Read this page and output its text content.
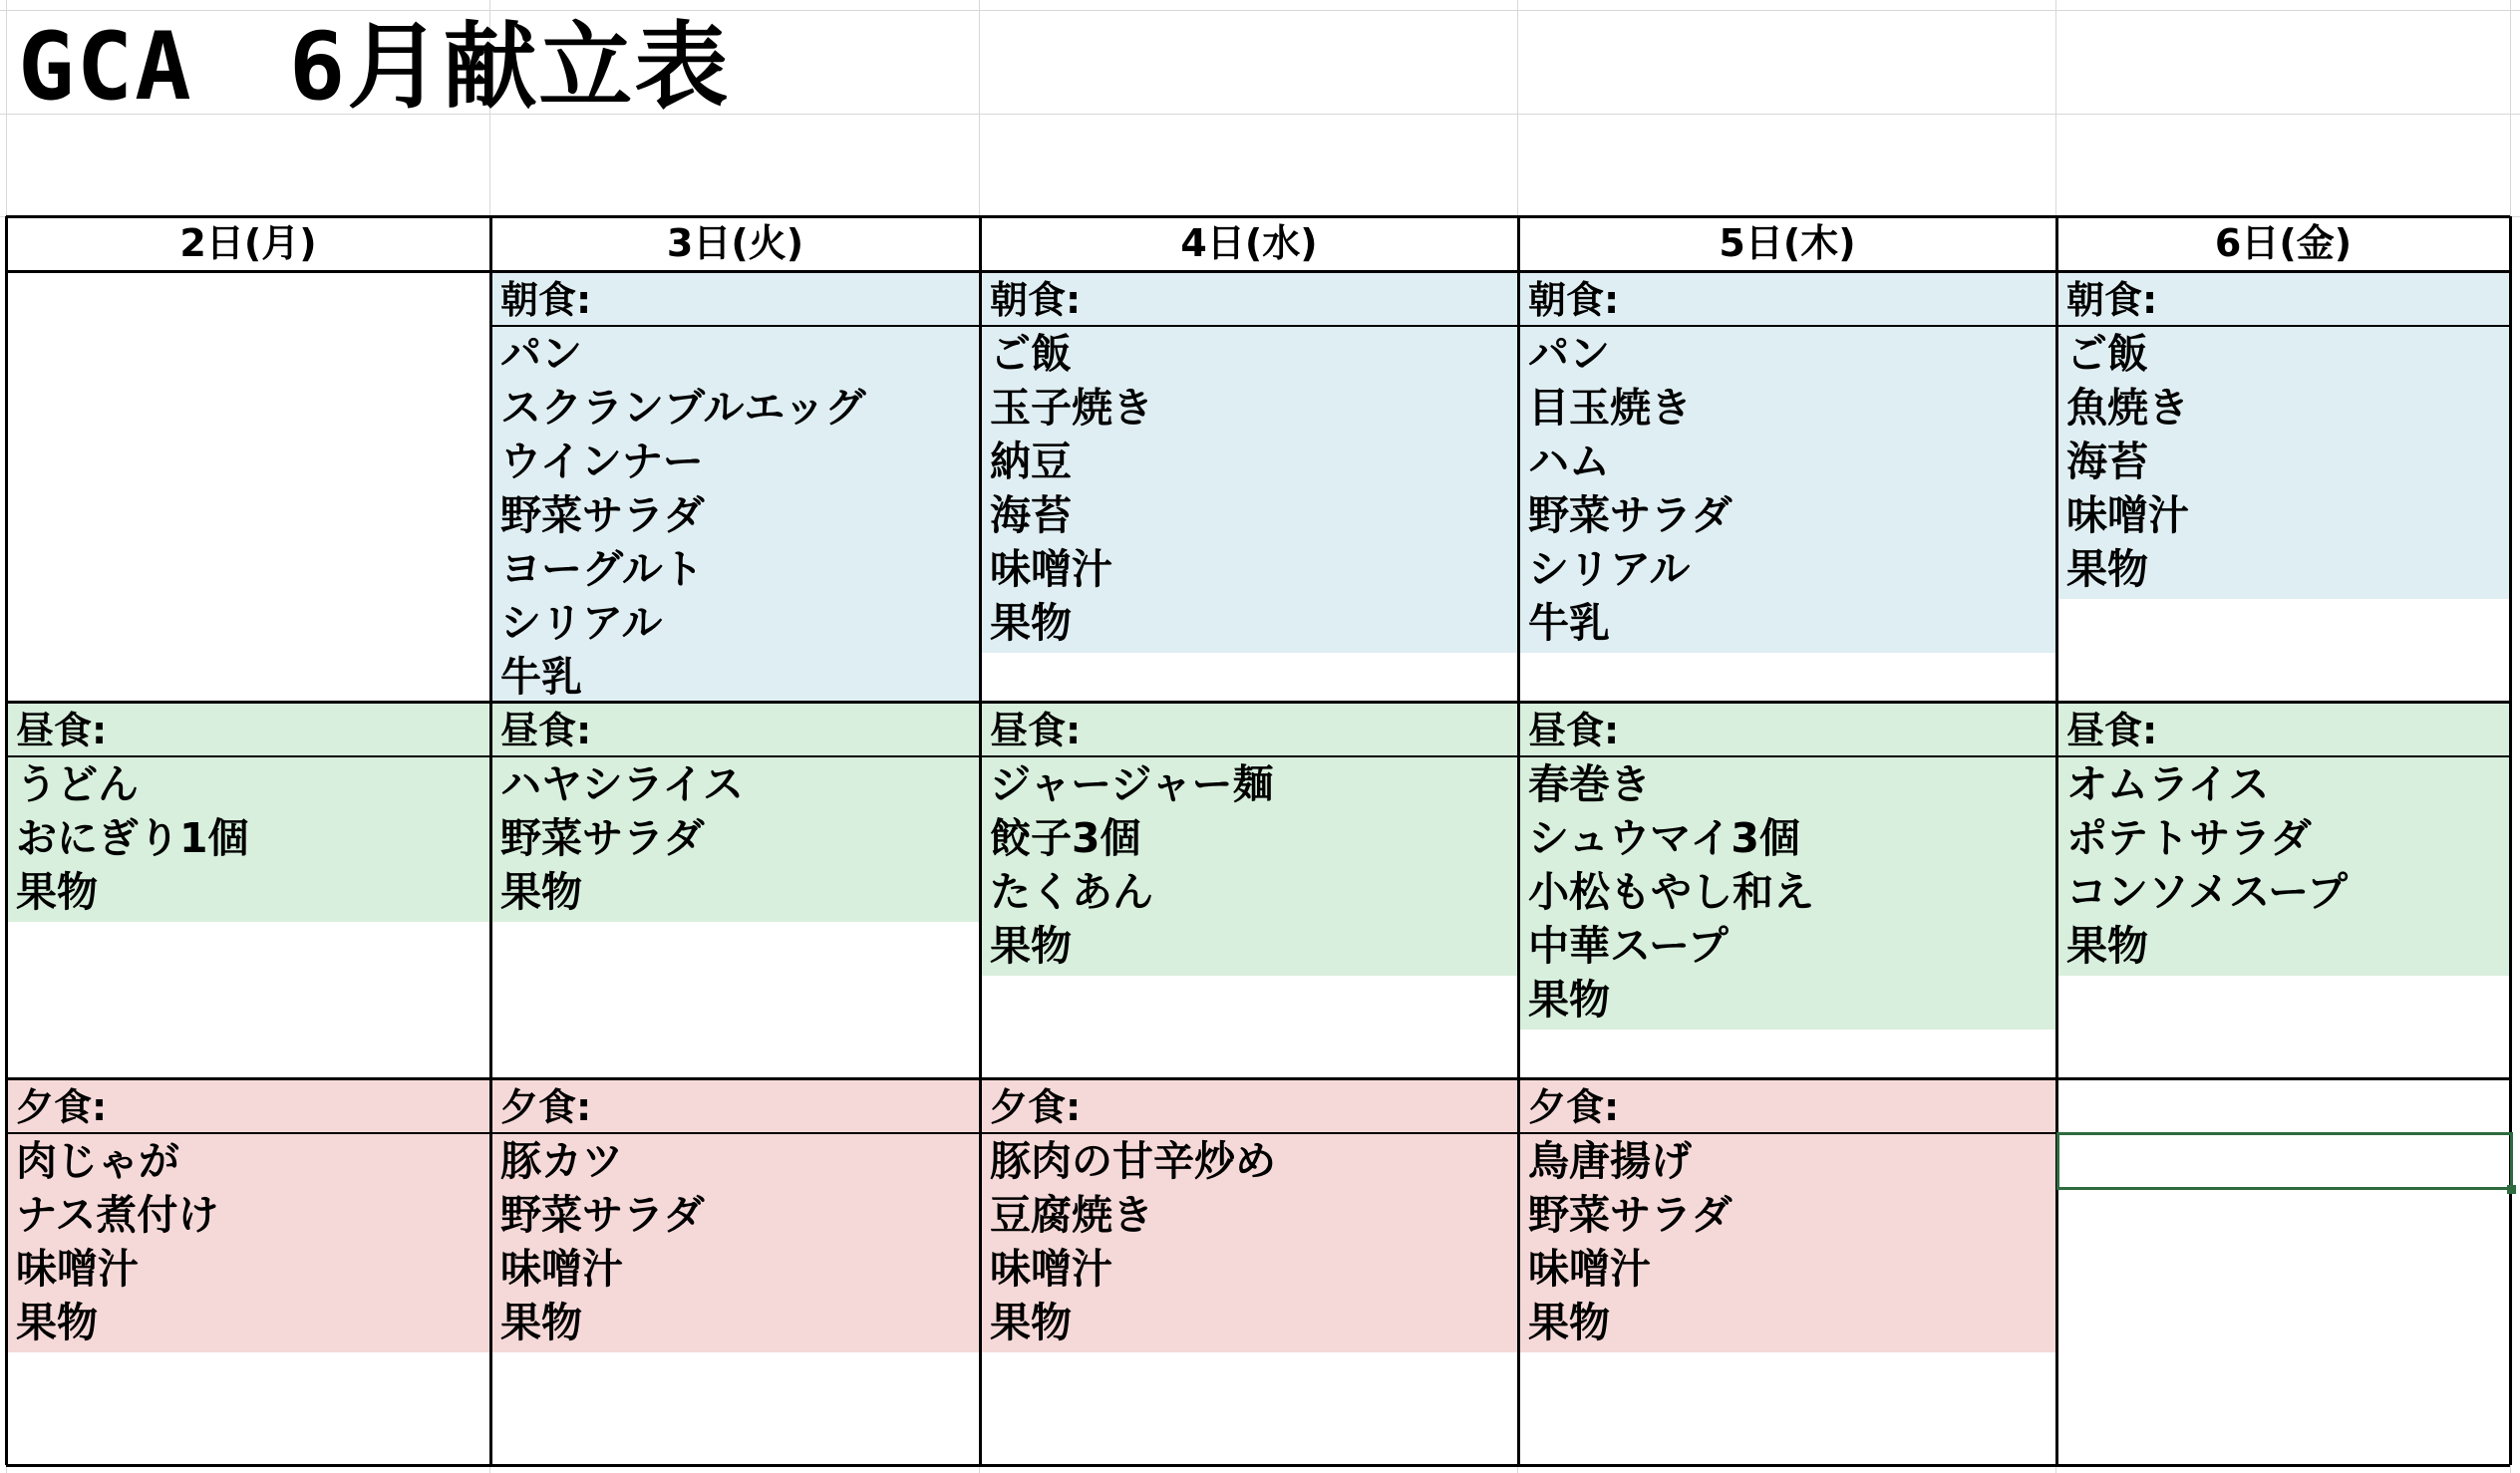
GCA　6月献立表
2日(月)
昼食:
うどん
おにぎり1個
果物
夕食:
肉じゃが
ナス煮付け
味噌汁
果物
3日(火)
朝食:
パン
スクランブルエッグ
ウインナー
野菜サラダ
ヨーグルト
シリアル
牛乳
昼食:
ハヤシライス
野菜サラダ
果物
夕食:
豚カツ
野菜サラダ
味噌汁
果物
4日(水)
朝食:
ご飯
玉子焼き
納豆
海苔
味噌汁
果物
昼食:
ジャージャー麺
餃子3個
たくあん
果物
夕食:
豚肉の甘辛炒め
豆腐焼き
味噌汁
果物
5日(木)
朝食:
パン
目玉焼き
ハム
野菜サラダ
シリアル
牛乳
昼食:
春巻き
シュウマイ3個
小松もやし和え
中華スープ
果物
夕食:
鳥唐揚げ
野菜サラダ
味噌汁
果物
6日(金)
朝食:
ご飯
魚焼き
海苔
味噌汁
果物
昼食:
オムライス
ポテトサラダ
コンソメスープ
果物
